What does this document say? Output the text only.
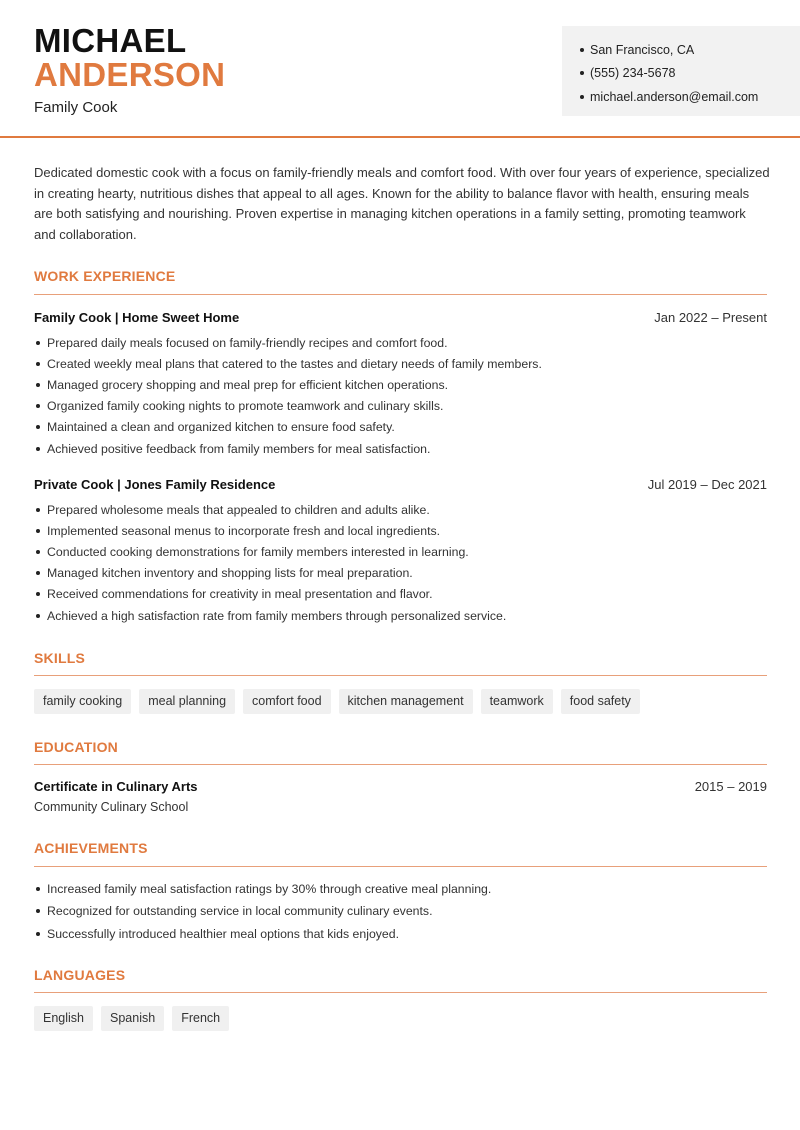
MICHAEL
ANDERSON
Family Cook
San Francisco, CA
(555) 234-5678
michael.anderson@email.com

Dedicated domestic cook with a focus on family-friendly meals and comfort food. With over four years of experience, specialized in creating hearty, nutritious dishes that appeal to all ages. Known for the ability to balance flavor with health, ensuring meals are both satisfying and nourishing. Proven expertise in managing kitchen operations in a family setting, promoting teamwork and collaboration.

WORK EXPERIENCE
Family Cook | Home Sweet Home	Jan 2022 – Present
Prepared daily meals focused on family-friendly recipes and comfort food.
Created weekly meal plans that catered to the tastes and dietary needs of family members.
Managed grocery shopping and meal prep for efficient kitchen operations.
Organized family cooking nights to promote teamwork and culinary skills.
Maintained a clean and organized kitchen to ensure food safety.
Achieved positive feedback from family members for meal satisfaction.
Private Cook | Jones Family Residence	Jul 2019 – Dec 2021
Prepared wholesome meals that appealed to children and adults alike.
Implemented seasonal menus to incorporate fresh and local ingredients.
Conducted cooking demonstrations for family members interested in learning.
Managed kitchen inventory and shopping lists for meal preparation.
Received commendations for creativity in meal presentation and flavor.
Achieved a high satisfaction rate from family members through personalized service.
SKILLS
family cooking	meal planning	comfort food	kitchen management	teamwork	food safety
EDUCATION
Certificate in Culinary Arts	2015 – 2019
Community Culinary School
ACHIEVEMENTS
Increased family meal satisfaction ratings by 30% through creative meal planning.
Recognized for outstanding service in local community culinary events.
Successfully introduced healthier meal options that kids enjoyed.
LANGUAGES
English	Spanish	French
